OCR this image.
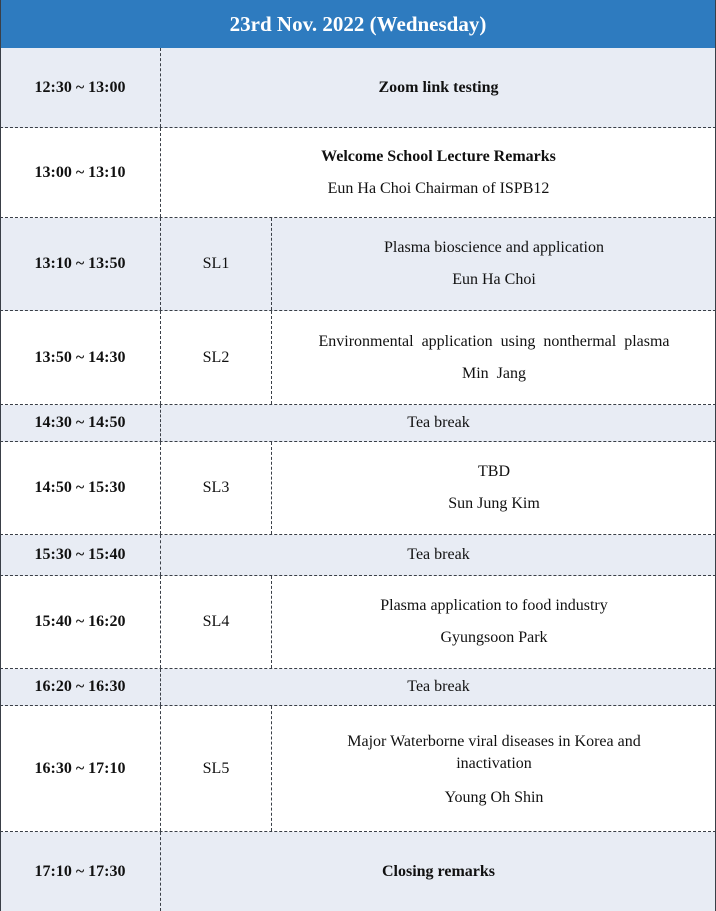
23rd Nov. 2022 (Wednesday)
12:30 ~ 13:00	Zoom link testing
13:00 ~ 13:10
Welcome School Lecture Remarks
Eun Ha Choi Chairman of ISPB12
13:10 ~ 13:50	SL1
Plasma bioscience and application
Eun Ha Choi
13:50 ~ 14:30	SL2
Environmental  application  using  nonthermal  plasma
Min  Jang
14:30 ~ 14:50	Tea break
14:50 ~ 15:30	SL3
TBD
Sun Jung Kim
15:30 ~ 15:40	Tea break
15:40 ~ 16:20	SL4
Plasma application to food industry
Gyungsoon Park
16:20 ~ 16:30	Tea break
16:30 ~ 17:10	SL5
Major Waterborne viral diseases in Korea and inactivation
Young Oh Shin
17:10 ~ 17:30	Closing remarks
